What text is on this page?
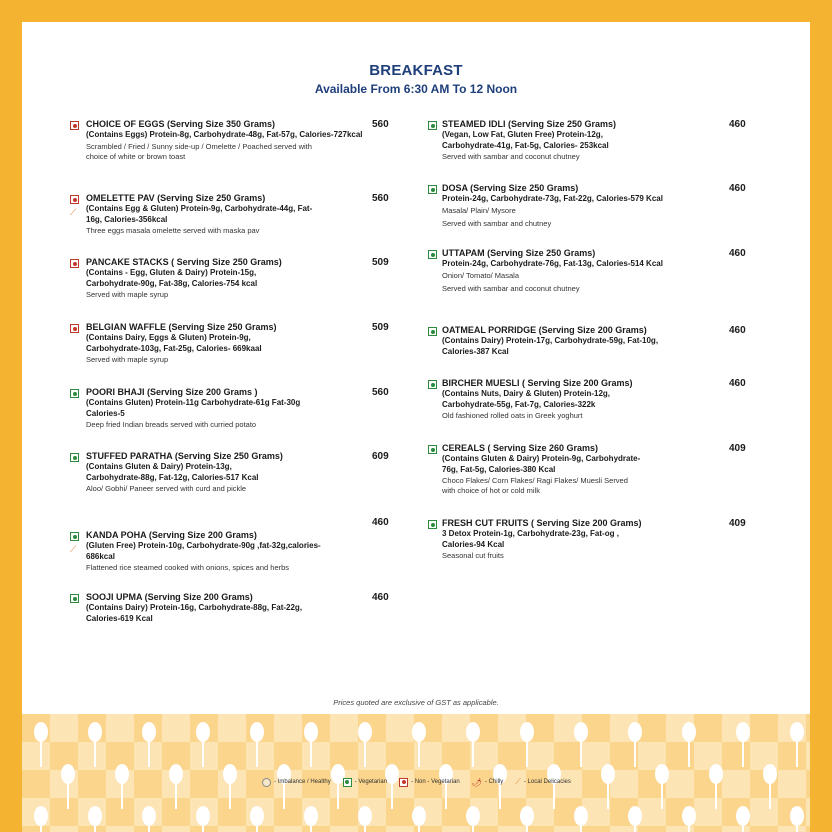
BREAKFAST
Available From 6:30 AM To 12 Noon
CHOICE OF EGGS (Serving Size 350 Grams)
(Contains Eggs) Protein-8g, Carbohydrate-48g, Fat-57g, Calories-727kcal
Scrambled / Fried / Sunny side-up / Omelette / Poached served with choice of white or brown toast
560
⟋
OMELETTE PAV (Serving Size 250 Grams)
(Contains Egg & Gluten) Protein-9g, Carbohydrate-44g, Fat-16g, Calories-356kcal
Three eggs masala omelette served with maska pav
560
PANCAKE STACKS ( Serving Size 250 Grams)
(Contains - Egg, Gluten & Dairy) Protein-15g, Carbohydrate-90g, Fat-38g, Calories-754 kcal
Served with maple syrup
509
BELGIAN WAFFLE (Serving Size 250 Grams)
(Contains Dairy, Eggs & Gluten) Protein-9g, Carbohydrate-103g, Fat-25g, Calories- 669kaal
Served with maple syrup
509
POORI BHAJI (Serving Size 200 Grams )
(Contains Gluten) Protein-11g Carbohydrate-61g Fat-30g Calories-5
Deep fried Indian breads served with curried potato
560
STUFFED PARATHA (Serving Size 250 Grams)
(Contains Gluten & Dairy) Protein-13g, Carbohydrate-88g, Fat-12g, Calories-517 Kcal
Aloo/ Gobhi/ Paneer served with curd and pickle
609
⟋
460
KANDA POHA (Serving Size 200 Grams)
(Gluten Free) Protein-10g, Carbohydrate-90g ,fat-32g,calories-686kcal
Flattened rice steamed cooked with onions, spices and herbs
SOOJI UPMA (Serving Size 200 Grams)
(Contains Dairy) Protein-16g, Carbohydrate-88g, Fat-22g, Calories-619 Kcal
460
STEAMED IDLI (Serving Size 250 Grams)
(Vegan, Low Fat, Gluten Free) Protein-12g, Carbohydrate-41g, Fat-5g, Calories- 253kcal
Served with sambar and coconut chutney
460
DOSA (Serving Size 250 Grams)
Protein-24g, Carbohydrate-73g, Fat-22g, Calories-579 Kcal
Masala/ Plain/ Mysore
Served with sambar and chutney
460
UTTAPAM (Serving Size 250 Grams)
Protein-24g, Carbohydrate-76g, Fat-13g, Calories-514 Kcal
Onion/ Tomato/ Masala
Served with sambar and coconut chutney
460
OATMEAL PORRIDGE (Serving Size 200 Grams)
(Contains Dairy) Protein-17g, Carbohydrate-59g, Fat-10g, Calories-387 Kcal
460
BIRCHER MUESLI ( Serving Size 200 Grams)
(Contains Nuts, Dairy & Gluten) Protein-12g, Carbohydrate-55g, Fat-7g, Calories-322k
Old fashioned rolled oats in Greek yoghurt
460
CEREALS ( Serving Size 260 Grams)
(Contains Gluten & Dairy) Protein-9g, Carbohydrate-76g, Fat-5g, Calories-380 Kcal
Choco Flakes/ Corn Flakes/ Ragi Flakes/ Muesli Served with choice of hot or cold milk
409
FRESH CUT FRUITS ( Serving Size 200 Grams)
3 Detox Protein-1g, Carbohydrate-23g, Fat-og , Calories-94 Kcal
Seasonal cut fruits
409
Prices quoted are exclusive of GST as applicable.
- Imbalance / Healthy	- Vegetarian	- Non - Vegetarian 🌶 - Chilly ⟋ - Local Delicacies
